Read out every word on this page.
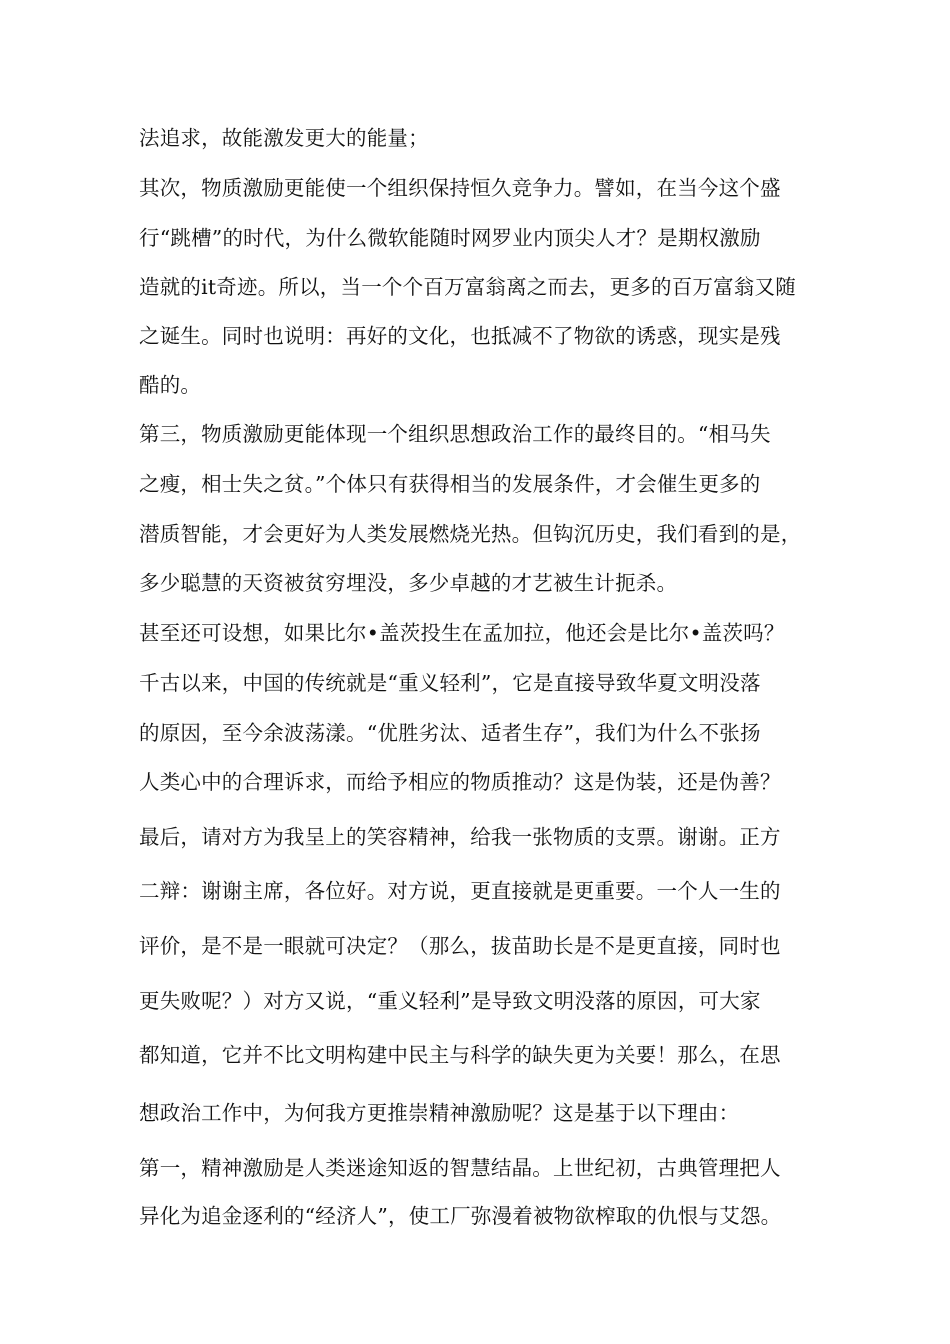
法追求，故能激发更大的能量；
其次，物质激励更能使一个组织保持恒久竞争力。譬如，在当今这个盛
行“跳槽”的时代，为什么微软能随时网罗业内顶尖人才？是期权激励
造就的it奇迹。所以，当一个个百万富翁离之而去，更多的百万富翁又随
之诞生。同时也说明：再好的文化，也抵减不了物欲的诱惑，现实是残
酷的。
第三，物质激励更能体现一个组织思想政治工作的最终目的。“相马失
之瘦，相士失之贫。”个体只有获得相当的发展条件，才会催生更多的
潜质智能，才会更好为人类发展燃烧光热。但钩沉历史，我们看到的是，
多少聪慧的天资被贫穷埋没，多少卓越的才艺被生计扼杀。
甚至还可设想，如果比尔•盖茨投生在孟加拉，他还会是比尔•盖茨吗？
千古以来，中国的传统就是“重义轻利”，它是直接导致华夏文明没落
的原因，至今余波荡漾。“优胜劣汰、适者生存”，我们为什么不张扬
人类心中的合理诉求，而给予相应的物质推动？这是伪装，还是伪善？
最后，请对方为我呈上的笑容精神，给我一张物质的支票。谢谢。正方
二辩：谢谢主席，各位好。对方说，更直接就是更重要。一个人一生的
评价，是不是一眼就可决定？（那么，拔苗助长是不是更直接，同时也
更失败呢？）对方又说，“重义轻利”是导致文明没落的原因，可大家
都知道，它并不比文明构建中民主与科学的缺失更为关要！那么，在思
想政治工作中，为何我方更推崇精神激励呢？这是基于以下理由：
第一，精神激励是人类迷途知返的智慧结晶。上世纪初，古典管理把人
异化为追金逐利的“经济人”，使工厂弥漫着被物欲榨取的仇恨与艾怨。
